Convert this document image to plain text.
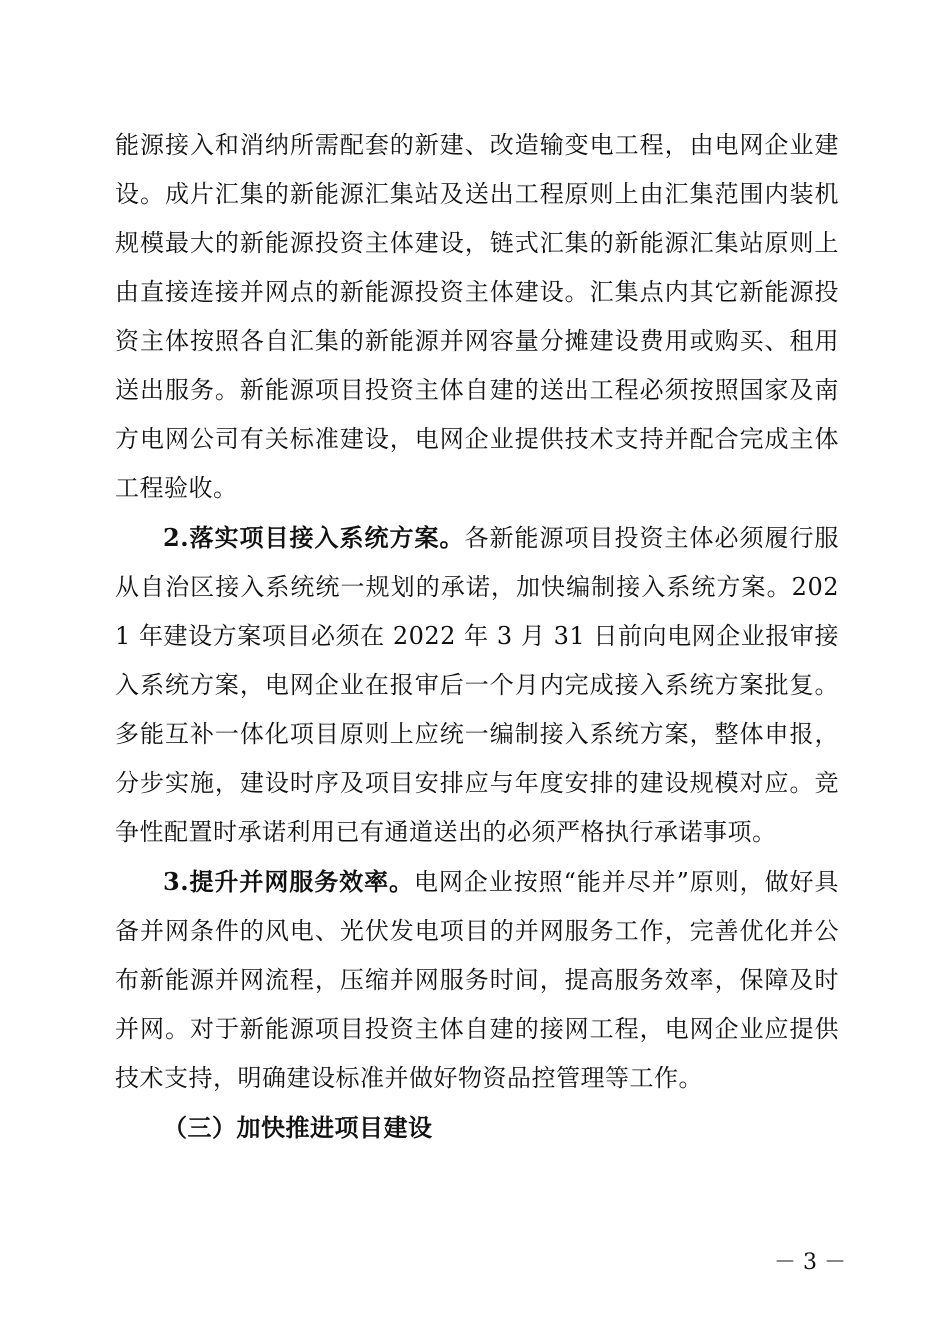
能源接入和消纳所需配套的新建、改造输变电工程，由电网企业建设。成片汇集的新能源汇集站及送出工程原则上由汇集范围内装机规模最大的新能源投资主体建设，链式汇集的新能源汇集站原则上由直接连接并网点的新能源投资主体建设。汇集点内其它新能源投资主体按照各自汇集的新能源并网容量分摊建设费用或购买、租用送出服务。新能源项目投资主体自建的送出工程必须按照国家及南方电网公司有关标准建设，电网企业提供技术支持并配合完成主体工程验收。

2.落实项目接入系统方案。各新能源项目投资主体必须履行服从自治区接入系统统一规划的承诺，加快编制接入系统方案。2021 年建设方案项目必须在 2022 年 3 月 31 日前向电网企业报审接入系统方案，电网企业在报审后一个月内完成接入系统方案批复。多能互补一体化项目原则上应统一编制接入系统方案，整体申报，分步实施，建设时序及项目安排应与年度安排的建设规模对应。竞争性配置时承诺利用已有通道送出的必须严格执行承诺事项。

3.提升并网服务效率。电网企业按照“能并尽并”原则，做好具备并网条件的风电、光伏发电项目的并网服务工作，完善优化并公布新能源并网流程，压缩并网服务时间，提高服务效率，保障及时并网。对于新能源项目投资主体自建的接网工程，电网企业应提供技术支持，明确建设标准并做好物资品控管理等工作。

（三）加快推进项目建设

－ 3 －
